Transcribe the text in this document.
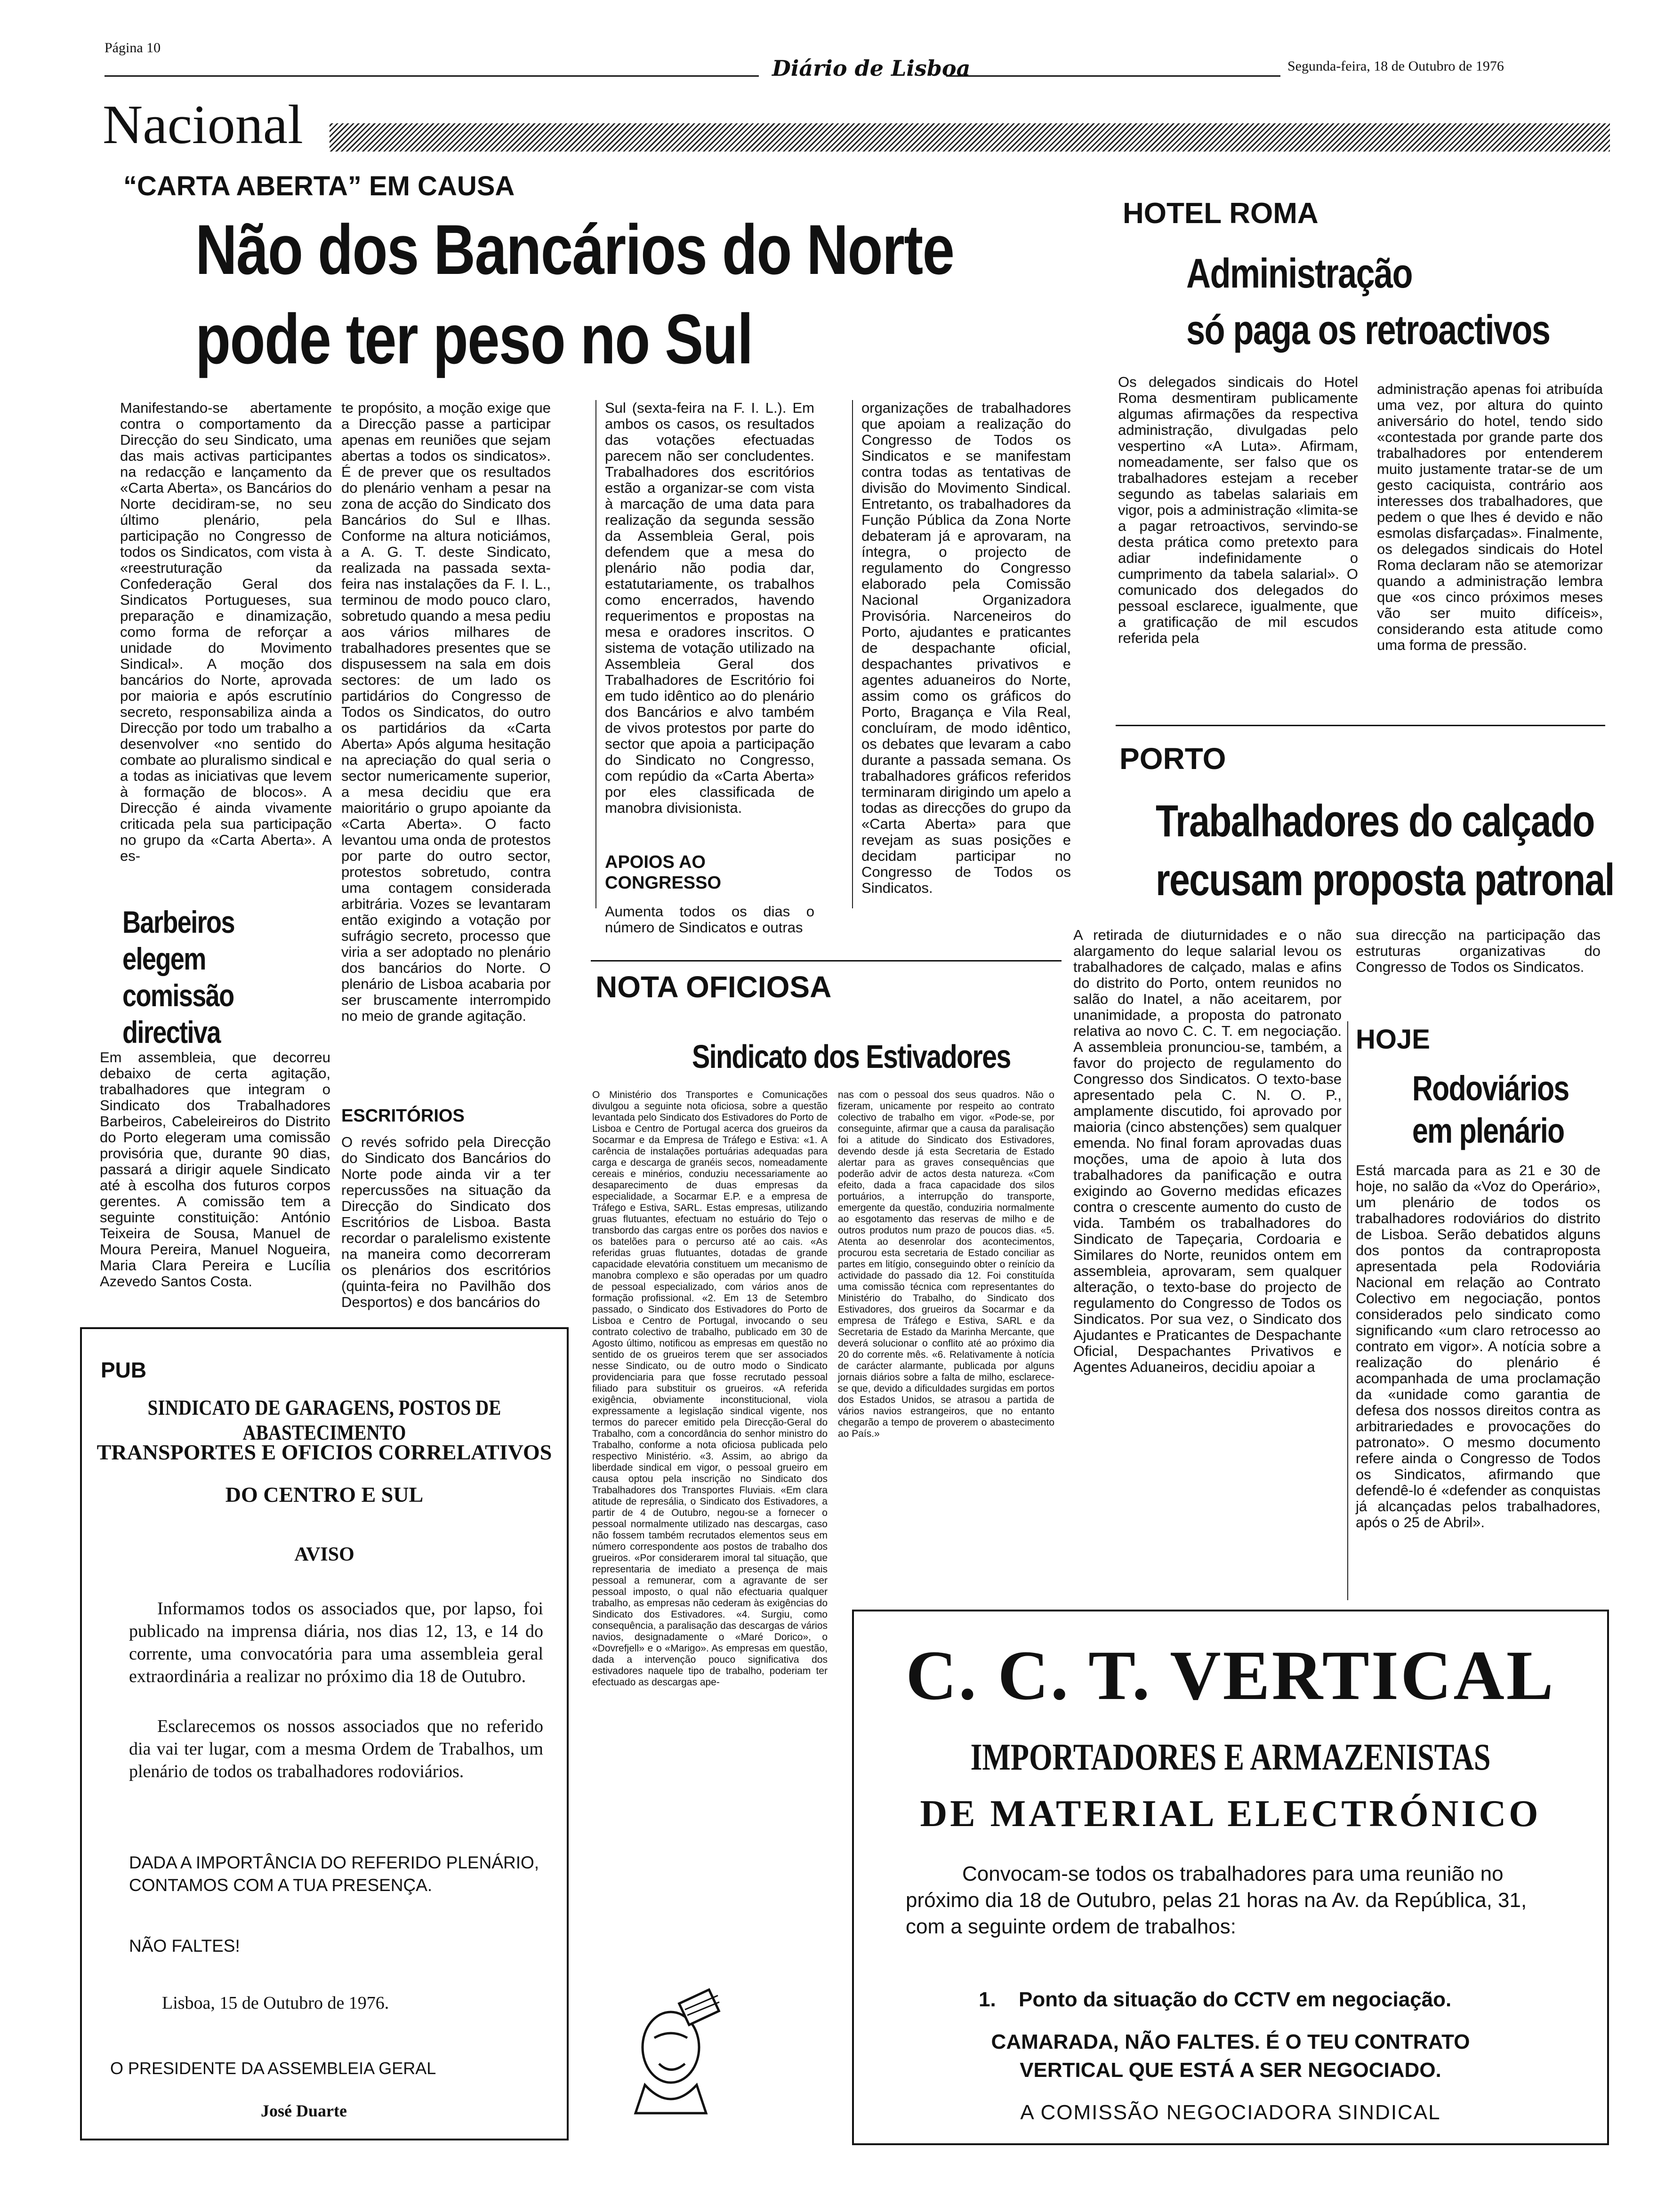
Página 10
Diário de Lisboa	Segunda-feira, 18 de Outubro de 1976
Nacional
“CARTA ABERTA” EM CAUSA
Não dos Bancários do Norte
pode ter peso no Sul
Manifestando-se abertamente contra o comportamento da Direcção do seu Sindicato, uma das mais activas participantes na redacção e lançamento da «Carta Aberta», os Bancários do Norte decidiram-se, no seu último plenário, pela participação no Congresso de todos os Sindicatos, com vista à «reestruturação da Confederação Geral dos Sindicatos Portugueses, sua preparação e dinamização, como forma de reforçar a unidade do Movimento Sindical». A moção dos bancários do Norte, aprovada por maioria e após escrutínio secreto, responsabiliza ainda a Direcção por todo um trabalho a desenvolver «no sentido do combate ao pluralismo sindical e a todas as iniciativas que levem à formação de blocos». A Direcção é ainda vivamente criticada pela sua participação no grupo da «Carta Aberta». A es-
te propósito, a moção exige que a Direcção passe a participar apenas em reuniões que sejam abertas a todos os sindicatos». É de prever que os resultados do plenário venham a pesar na zona de acção do Sindicato dos Bancários do Sul e Ilhas. Conforme na altura noticiámos, a A. G. T. deste Sindicato, realizada na passada sexta-feira nas instalações da F. I. L., terminou de modo pouco claro, sobretudo quando a mesa pediu aos vários milhares de trabalhadores presentes que se dispusessem na sala em dois sectores: de um lado os partidários do Congresso de Todos os Sindicatos, do outro os partidários da «Carta Aberta» Após alguma hesitação na apreciação do qual seria o sector numericamente superior, a mesa decidiu que era maioritário o grupo apoiante da «Carta Aberta». O facto levantou uma onda de protestos por parte do outro sector, protestos sobretudo, contra uma contagem considerada arbitrária. Vozes se levantaram então exigindo a votação por sufrágio secreto, processo que viria a ser adoptado no plenário dos bancários do Norte. O plenário de Lisboa acabaria por ser bruscamente interrompido no meio de grande agitação.
ESCRITÓRIOS
O revés sofrido pela Direcção do Sindicato dos Bancários do Norte pode ainda vir a ter repercussões na situação da Direcção do Sindicato dos Escritórios de Lisboa. Basta recordar o paralelismo existente na maneira como decorreram os plenários dos escritórios (quinta-feira no Pavilhão dos Desportos) e dos bancários do
Sul (sexta-feira na F. I. L.). Em ambos os casos, os resultados das votações efectuadas parecem não ser concludentes. Trabalhadores dos escritórios estão a organizar-se com vista à marcação de uma data para realização da segunda sessão da Assembleia Geral, pois defendem que a mesa do plenário não podia dar, estatutariamente, os trabalhos como encerrados, havendo requerimentos e propostas na mesa e oradores inscritos. O sistema de votação utilizado na Assembleia Geral dos Trabalhadores de Escritório foi em tudo idêntico ao do plenário dos Bancários e alvo também de vivos protestos por parte do sector que apoia a participação do Sindicato no Congresso, com repúdio da «Carta Aberta» por eles classificada de manobra divisionista.
APOIOS AO CONGRESSO
Aumenta todos os dias o número de Sindicatos e outras
organizações de trabalhadores que apoiam a realização do Congresso de Todos os Sindicatos e se manifestam contra todas as tentativas de divisão do Movimento Sindical. Entretanto, os trabalhadores da Função Pública da Zona Norte debateram já e aprovaram, na íntegra, o projecto de regulamento do Congresso elaborado pela Comissão Nacional Organizadora Provisória. Narceneiros do Porto, ajudantes e praticantes de despachante oficial, despachantes privativos e agentes aduaneiros do Norte, assim como os gráficos do Porto, Bragança e Vila Real, concluíram, de modo idêntico, os debates que levaram a cabo durante a passada semana. Os trabalhadores gráficos referidos terminaram dirigindo um apelo a todas as direcções do grupo da «Carta Aberta» para que revejam as suas posições e decidam participar no Congresso de Todos os Sindicatos.
HOTEL ROMA
Administração
só paga os retroactivos
Os delegados sindicais do Hotel Roma desmentiram publicamente algumas afirmações da respectiva administração, divulgadas pelo vespertino «A Luta». Afirmam, nomeadamente, ser falso que os trabalhadores estejam a receber segundo as tabelas salariais em vigor, pois a administração «limita-se a pagar retroactivos, servindo-se desta prática como pretexto para adiar indefinidamente o cumprimento da tabela salarial». O comunicado dos delegados do pessoal esclarece, igualmente, que a gratificação de mil escudos referida pela
administração apenas foi atribuída uma vez, por altura do quinto aniversário do hotel, tendo sido «contestada por grande parte dos trabalhadores por entenderem muito justamente tratar-se de um gesto caciquista, contrário aos interesses dos trabalhadores, que pedem o que lhes é devido e não esmolas disfarçadas». Finalmente, os delegados sindicais do Hotel Roma declaram não se atemorizar quando a administração lembra que «os cinco próximos meses vão ser muito difíceis», considerando esta atitude como uma forma de pressão.
PORTO
Trabalhadores do calçado
recusam proposta patronal
A retirada de diuturnidades e o não alargamento do leque salarial levou os trabalhadores de calçado, malas e afins do distrito do Porto, ontem reunidos no salão do Inatel, a não aceitarem, por unanimidade, a proposta do patronato relativa ao novo C. C. T. em negociação. A assembleia pronunciou-se, também, a favor do projecto de regulamento do Congresso dos Sindicatos. O texto-base apresentado pela C. N. O. P., amplamente discutido, foi aprovado por maioria (cinco abstenções) sem qualquer emenda. No final foram aprovadas duas moções, uma de apoio à luta dos trabalhadores da panificação e outra exigindo ao Governo medidas eficazes contra o crescente aumento do custo de vida. Também os trabalhadores do Sindicato de Tapeçaria, Cordoaria e Similares do Norte, reunidos ontem em assembleia, aprovaram, sem qualquer alteração, o texto-base do projecto de regulamento do Congresso de Todos os Sindicatos. Por sua vez, o Sindicato dos Ajudantes e Praticantes de Despachante Oficial, Despachantes Privativos e Agentes Aduaneiros, decidiu apoiar a
sua direcção na participação das estruturas organizativas do Congresso de Todos os Sindicatos.
HOJE
Rodoviários
em plenário
Está marcada para as 21 e 30 de hoje, no salão da «Voz do Operário», um plenário de todos os trabalhadores rodoviários do distrito de Lisboa. Serão debatidos alguns dos pontos da contraproposta apresentada pela Rodoviária Nacional em relação ao Contrato Colectivo em negociação, pontos considerados pelo sindicato como significando «um claro retrocesso ao contrato em vigor». A notícia sobre a realização do plenário é acompanhada de uma proclamação da «unidade como garantia de defesa dos nossos direitos contra as arbitrariedades e provocações do patronato». O mesmo documento refere ainda o Congresso de Todos os Sindicatos, afirmando que defendê-lo é «defender as conquistas já alcançadas pelos trabalhadores, após o 25 de Abril».
Barbeiros elegem comissão directiva
Em assembleia, que decorreu debaixo de certa agitação, trabalhadores que integram o Sindicato dos Trabalhadores Barbeiros, Cabeleireiros do Distrito do Porto elegeram uma comissão provisória que, durante 90 dias, passará a dirigir aquele Sindicato até à escolha dos futuros corpos gerentes. A comissão tem a seguinte constituição: António Teixeira de Sousa, Manuel de Moura Pereira, Manuel Nogueira, Maria Clara Pereira e Lucília Azevedo Santos Costa.
NOTA OFICIOSA
Sindicato dos Estivadores
O Ministério dos Transportes e Comunicações divulgou a seguinte nota oficiosa, sobre a questão levantada pelo Sindicato dos Estivadores do Porto de Lisboa e Centro de Portugal acerca dos grueiros da Socarmar e da Empresa de Tráfego e Estiva: «1. A carência de instalações portuárias adequadas para carga e descarga de granéis secos, nomeadamente cereais e minérios, conduziu necessariamente ao desaparecimento de duas empresas da especialidade, a Socarmar E.P. e a empresa de Tráfego e Estiva, SARL. Estas empresas, utilizando gruas flutuantes, efectuam no estuário do Tejo o transbordo das cargas entre os porões dos navios e os batelões para o percurso até ao cais. «As referidas gruas flutuantes, dotadas de grande capacidade elevatória constituem um mecanismo de manobra complexo e são operadas por um quadro de pessoal especializado, com vários anos de formação profissional. «2. Em 13 de Setembro passado, o Sindicato dos Estivadores do Porto de Lisboa e Centro de Portugal, invocando o seu contrato colectivo de trabalho, publicado em 30 de Agosto último, notificou as empresas em questão no sentido de os grueiros terem que ser associados nesse Sindicato, ou de outro modo o Sindicato providenciaria para que fosse recrutado pessoal filiado para substituir os grueiros. «A referida exigência, obviamente inconstitucional, viola expressamente a legislação sindical vigente, nos termos do parecer emitido pela Direcção-Geral do Trabalho, com a concordância do senhor ministro do Trabalho, conforme a nota oficiosa publicada pelo respectivo Ministério. «3. Assim, ao abrigo da liberdade sindical em vigor, o pessoal grueiro em causa optou pela inscrição no Sindicato dos Trabalhadores dos Transportes Fluviais. «Em clara atitude de represália, o Sindicato dos Estivadores, a partir de 4 de Outubro, negou-se a fornecer o pessoal normalmente utilizado nas descargas, caso não fossem também recrutados elementos seus em número correspondente aos postos de trabalho dos grueiros. «Por considerarem imoral tal situação, que representaria de imediato a presença de mais pessoal a remunerar, com a agravante de ser pessoal imposto, o qual não efectuaria qualquer trabalho, as empresas não cederam às exigências do Sindicato dos Estivadores. «4. Surgiu, como consequência, a paralisação das descargas de vários navios, designadamente o «Maré Dorico», o «Dovrefjell» e o «Marigo». As empresas em questão, dada a intervenção pouco significativa dos estivadores naquele tipo de trabalho, poderiam ter efectuado as descargas ape-
nas com o pessoal dos seus quadros. Não o fizeram, unicamente por respeito ao contrato colectivo de trabalho em vigor. «Pode-se, por conseguinte, afirmar que a causa da paralisação foi a atitude do Sindicato dos Estivadores, devendo desde já esta Secretaria de Estado alertar para as graves consequências que poderão advir de actos desta natureza. «Com efeito, dada a fraca capacidade dos silos portuários, a interrupção do transporte, emergente da questão, conduziria normalmente ao esgotamento das reservas de milho e de outros produtos num prazo de poucos dias. «5. Atenta ao desenrolar dos acontecimentos, procurou esta secretaria de Estado conciliar as partes em litígio, conseguindo obter o reinício da actividade do passado dia 12. Foi constituída uma comissão técnica com representantes do Ministério do Trabalho, do Sindicato dos Estivadores, dos grueiros da Socarmar e da empresa de Tráfego e Estiva, SARL e da Secretaria de Estado da Marinha Mercante, que deverá solucionar o conflito até ao próximo dia 20 do corrente mês. «6. Relativamente à notícia de carácter alarmante, publicada por alguns jornais diários sobre a falta de milho, esclarece-se que, devido a dificuldades surgidas em portos dos Estados Unidos, se atrasou a partida de vários navios estrangeiros, que no entanto chegarão a tempo de proverem o abastecimento ao País.»
PUB
SINDICATO DE GARAGENS, POSTOS DE ABASTECIMENTO
TRANSPORTES E OFICIOS CORRELATIVOS
DO CENTRO E SUL
AVISO
Informamos todos os associados que, por lapso, foi publicado na imprensa diária, nos dias 12, 13, e 14 do corrente, uma convocatória para uma assembleia geral extraordinária a realizar no próximo dia 18 de Outubro.
Esclarecemos os nossos associados que no referido dia vai ter lugar, com a mesma Ordem de Trabalhos, um plenário de todos os trabalhadores rodoviários.
DADA A IMPORTÂNCIA DO REFERIDO PLENÁRIO, CONTAMOS COM A TUA PRESENÇA.
NÃO FALTES!
Lisboa, 15 de Outubro de 1976.
O PRESIDENTE DA ASSEMBLEIA GERAL
José Duarte
C. C. T. VERTICAL
IMPORTADORES E ARMAZENISTAS
DE MATERIAL ELECTRÓNICO
Convocam-se todos os trabalhadores para uma reunião no próximo dia 18 de Outubro, pelas 21 horas na Av. da República, 31, com a seguinte ordem de trabalhos:
1. Ponto da situação do CCTV em negociação.
CAMARADA, NÃO FALTES. É O TEU CONTRATO
VERTICAL QUE ESTÁ A SER NEGOCIADO.
A COMISSÃO NEGOCIADORA SINDICAL
